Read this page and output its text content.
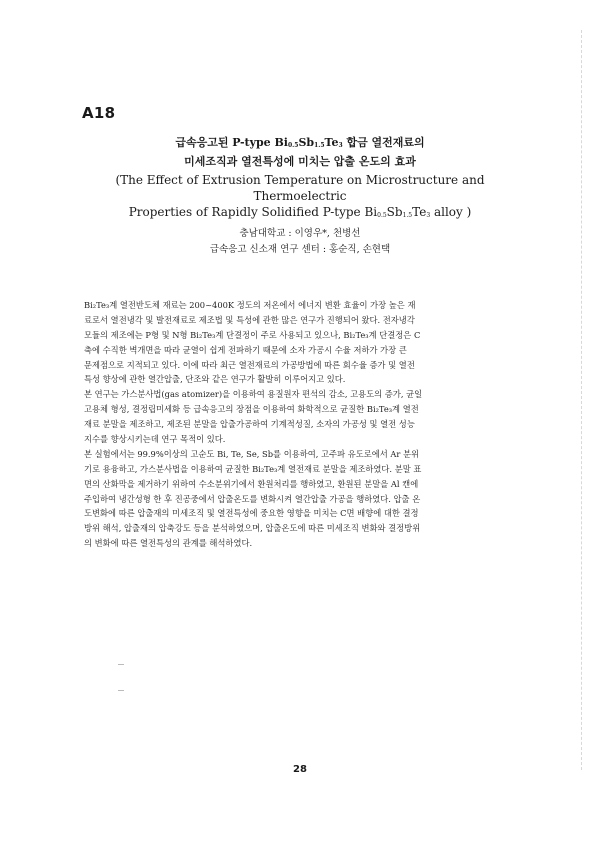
A18
급속응고된 P-type Bi0.5Sb1.5Te3 합금 열전재료의
미세조직과 열전특성에 미치는 압출 온도의 효과
(The Effect of Extrusion Temperature on Microstructure and Thermoelectric
Properties of Rapidly Solidified P-type Bi0.5Sb1.5Te3 alloy )
충남대학교 : 이영우*, 천병선
급속응고 신소재 연구 센터 : 홍순직, 손현택
Bi₂Te₃계 열전반도체 재료는 200~400K 정도의 저온에서 에너지 변환 효율이 가장 높은 재
료로서 열전냉각 및 발전재료로 제조법 및 특성에 관한 많은 연구가 진행되어 왔다. 전자냉각
모듈의 제조에는 P형 및 N형 Bi₂Te₃계 단결정이 주로 사용되고 있으나, Bi₂Te₃계 단결정은 C
축에 수직한 벽개면을 따라 균열이 쉽게 전파하기 때문에 소자 가공시 수율 저하가 가장 큰
문제점으로 지적되고 있다. 이에 따라 최근 열전재료의 가공방법에 따른 회수율 증가 및 열전
특성 향상에 관한 열간압출, 단조와 같은 연구가 활발히 이루어지고 있다.
본 연구는 가스분사법(gas atomizer)을 이용하여 용질원자 편석의 감소, 고용도의 증가, 균일
고용체 형성, 결정립미세화 등 급속응고의 장점을 이용하여 화학적으로 균질한 Bi₂Te₃계 열전
재료 분말을 제조하고, 제조된 분말을 압출가공하여 기계적성질, 소자의 가공성 및 열전 성능
지수를 향상시키는데 연구 목적이 있다.
본 실험에서는 99.9%이상의 고순도 Bi, Te, Se, Sb를 이용하여, 고주파 유도로에서 Ar 분위
기로 용융하고, 가스분사법을 이용하여 균질한 Bi₂Te₃계 열전재료 분말을 제조하였다. 분말 표
면의 산화막을 제거하기 위하여 수소분위기에서 환원처리를 행하였고, 환원된 분말을 Al 캔에
주입하여 냉간성형 한 후 진공중에서 압출온도를 변화시켜 열간압출 가공을 행하였다. 압출 온
도변화에 따른 압출재의 미세조직 및 열전특성에 중요한 영향을 미치는 C면 배향에 대한 결정
방위 해석, 압출재의 압축강도 등을 분석하였으며, 압출온도에 따른 미세조직 변화와 결정방위
의 변화에 따른 열전특성의 관계를 해석하였다.
28
